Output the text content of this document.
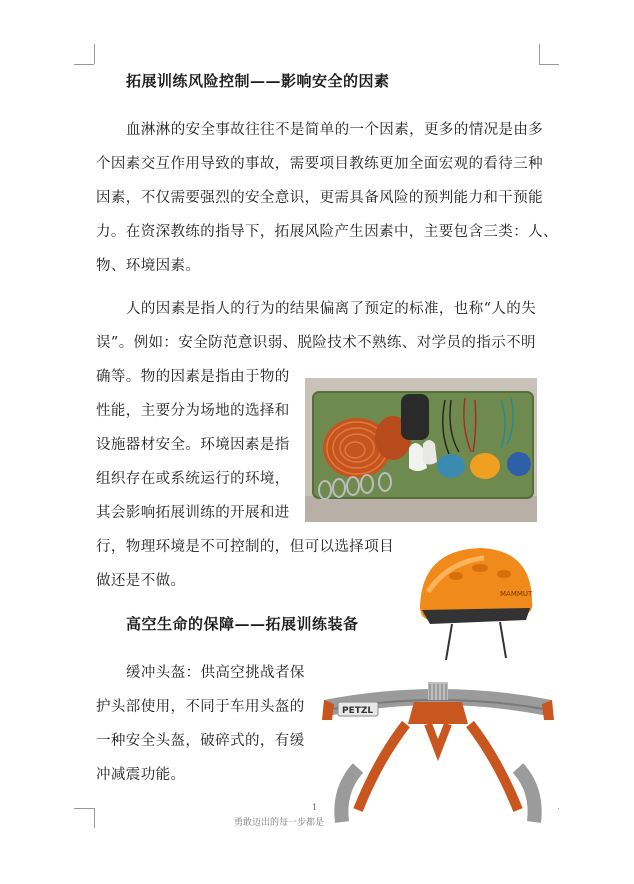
拓展训练风险控制——影响安全的因素
血淋淋的安全事故往往不是简单的一个因素，更多的情况是由多
个因素交互作用导致的事故，需要项目教练更加全面宏观的看待三种
因素，不仅需要强烈的安全意识，更需具备风险的预判能力和干预能
力。在资深教练的指导下，拓展风险产生因素中，主要包含三类：人、
物、环境因素。
人的因素是指人的行为的结果偏离了预定的标准，也称“人的失
误”。例如：安全防范意识弱、脱险技术不熟练、对学员的指示不明
确等。物的因素是指由于物的
性能，主要分为场地的选择和
设施器材安全。环境因素是指
组织存在或系统运行的环境，
其会影响拓展训练的开展和进
行，物理环境是不可控制的，但可以选择项目
做还是不做。
MAMMUT
高空生命的保障——拓展训练装备
缓冲头盔：供高空挑战者保
护头部使用，不同于车用头盔的
一种安全头盔，破碎式的，有缓
冲减震功能。
PETZL
1
勇敢迈出的每一步都是
